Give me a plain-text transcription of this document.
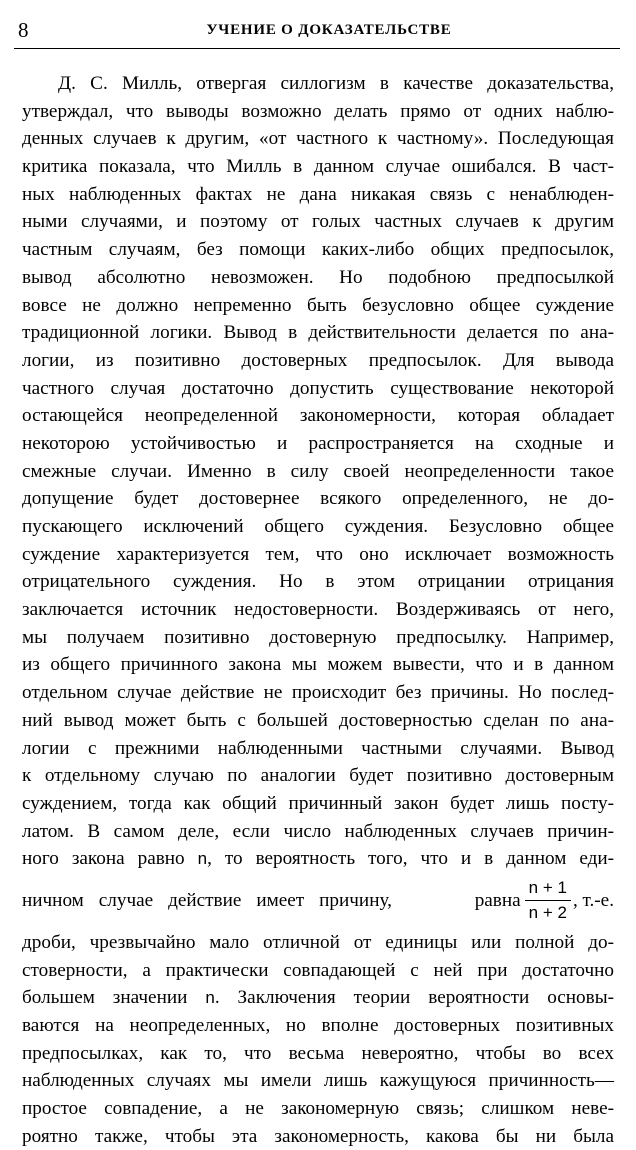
8	УЧЕНИЕ О ДОКАЗАТЕЛЬСТВЕ
Д. С. Милль, отвергая силлогизм в качестве доказательства,
утверждал, что выводы возможно делать прямо от одних наблю-
денных случаев к другим, «от частного к частному». Последующая
критика показала, что Милль в данном случае ошибался. В част-
ных наблюденных фактах не дана никакая связь с ненаблюден-
ными случаями, и поэтому от голых частных случаев к другим
частным случаям, без помощи каких-либо общих предпосылок,
вывод абсолютно невозможен. Но подобною предпосылкой
вовсе не должно непременно быть безусловно общее суждение
традиционной логики. Вывод в действительности делается по ана-
логии, из позитивно достоверных предпосылок. Для вывода
частного случая достаточно допустить существование некоторой
остающейся неопределенной закономерности, которая обладает
некоторою устойчивостью и распространяется на сходные и
смежные случаи. Именно в силу своей неопределенности такое
допущение будет достовернее всякого определенного, не до-
пускающего исключений общего суждения. Безусловно общее
суждение характеризуется тем, что оно исключает возможность
отрицательного суждения. Но в этом отрицании отрицания
заключается источник недостоверности. Воздерживаясь от него,
мы получаем позитивно достоверную предпосылку. Например,
из общего причинного закона мы можем вывести, что и в данном
отдельном случае действие не происходит без причины. Но послед-
ний вывод может быть с большей достоверностью сделан по ана-
логии с прежними наблюденными частными случаями. Вывод
к отдельному случаю по аналогии будет позитивно достоверным
суждением, тогда как общий причинный закон будет лишь посту-
латом. В самом деле, если число наблюденных случаев причин-
ного закона равно n, то вероятность того, что и в данном еди-
ничном случае действие имеет причину,	равна $\frac{n + 1}{n + 2}$ , т.-е.
дроби, чрезвычайно мало отличной от единицы или полной до-
стоверности, а практически совпадающей с ней при достаточно
большем значении n. Заключения теории вероятности основы-
ваются на неопределенных, но вполне достоверных позитивных
предпосылках, как то, что весьма невероятно, чтобы во всех
наблюденных случаях мы имели лишь кажущуюся причинность—
простое совпадение, а не закономерную связь; слишком неве-
роятно также, чтобы эта закономерность, какова бы ни была
